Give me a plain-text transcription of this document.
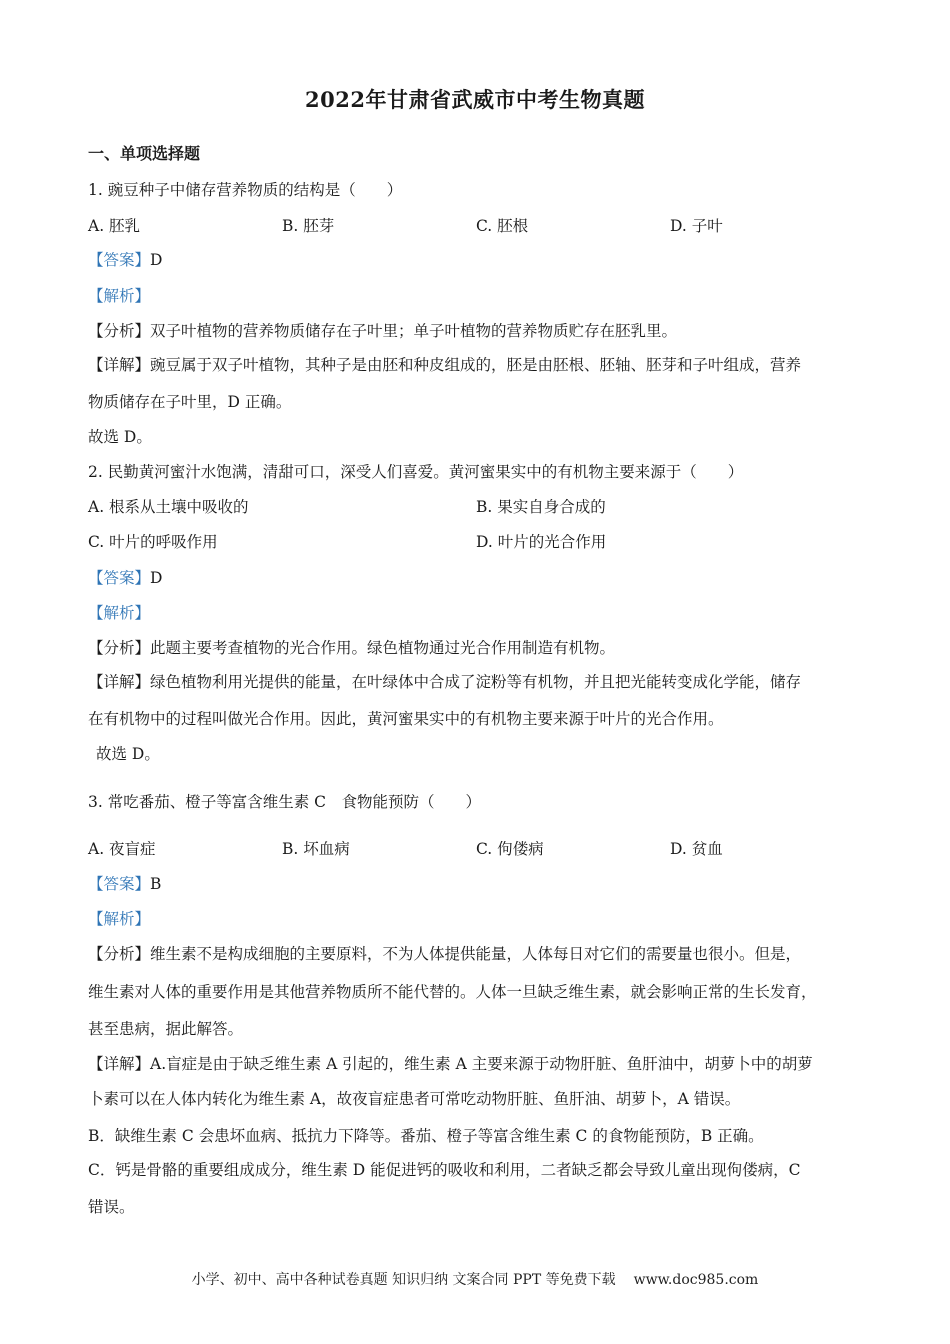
2022年甘肃省武威市中考生物真题
一、单项选择题
1. 豌豆种子中储存营养物质的结构是（　　）
A. 胚乳	B. 胚芽	C. 胚根	D. 子叶
【答案】D
【解析】
【分析】双子叶植物的营养物质储存在子叶里；单子叶植物的营养物质贮存在胚乳里。
【详解】豌豆属于双子叶植物，其种子是由胚和种皮组成的，胚是由胚根、胚轴、胚芽和子叶组成，营养
物质储存在子叶里，D 正确。
故选 D。
2. 民勤黄河蜜汁水饱满，清甜可口，深受人们喜爱。黄河蜜果实中的有机物主要来源于（　　）
A. 根系从土壤中吸收的	B. 果实自身合成的
C. 叶片的呼吸作用	D. 叶片的光合作用
【答案】D
【解析】
【分析】此题主要考查植物的光合作用。绿色植物通过光合作用制造有机物。
【详解】绿色植物利用光提供的能量，在叶绿体中合成了淀粉等有机物，并且把光能转变成化学能，储存
在有机物中的过程叫做光合作用。因此，黄河蜜果实中的有机物主要来源于叶片的光合作用。
故选 D。
3. 常吃番茄、橙子等富含维生素 C　食物能预防（　　）
A. 夜盲症	B. 坏血病	C. 佝偻病	D. 贫血
【答案】B
【解析】
【分析】维生素不是构成细胞的主要原料，不为人体提供能量，人体每日对它们的需要量也很小。但是，
维生素对人体的重要作用是其他营养物质所不能代替的。人体一旦缺乏维生素，就会影响正常的生长发育，
甚至患病，据此解答。
【详解】A.盲症是由于缺乏维生素 A 引起的，维生素 A 主要来源于动物肝脏、鱼肝油中，胡萝卜中的胡萝
卜素可以在人体内转化为维生素 A，故夜盲症患者可常吃动物肝脏、鱼肝油、胡萝卜，A 错误。
B．缺维生素 C 会患坏血病、抵抗力下降等。番茄、橙子等富含维生素 C 的食物能预防，B 正确。
C．钙是骨骼的重要组成成分，维生素 D 能促进钙的吸收和利用，二者缺乏都会导致儿童出现佝偻病，C
错误。
小学、初中、高中各种试卷真题 知识归纳 文案合同 PPT 等免费下载 www.doc985.com
